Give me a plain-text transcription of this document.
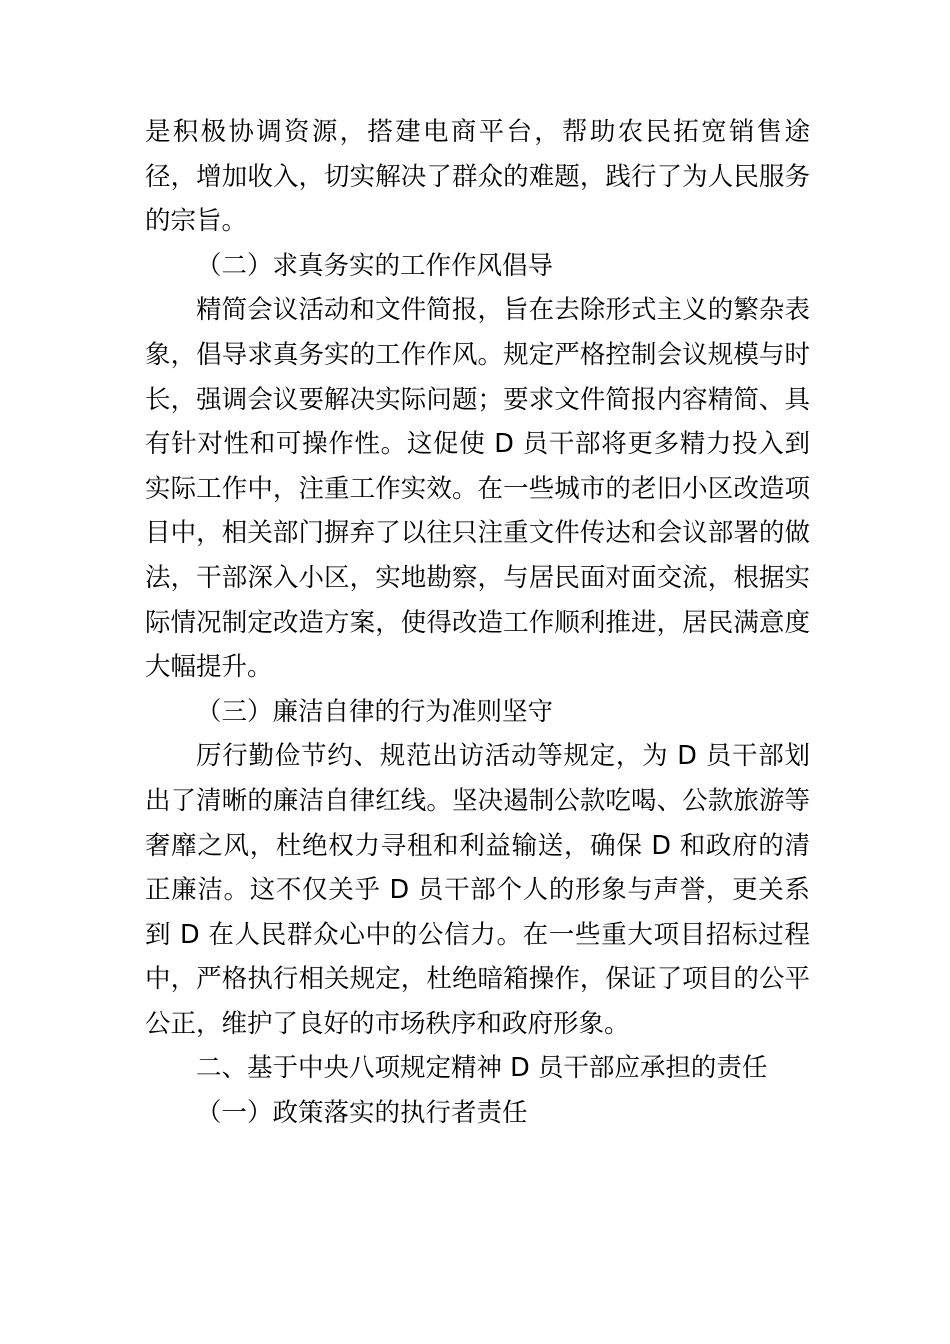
是积极协调资源，搭建电商平台，帮助农民拓宽销售途
径，增加收入，切实解决了群众的难题，践行了为人民服务
的宗旨。
（二）求真务实的工作作风倡导
精简会议活动和文件简报，旨在去除形式主义的繁杂表
象，倡导求真务实的工作作风。规定严格控制会议规模与时
长，强调会议要解决实际问题；要求文件简报内容精简、具
有针对性和可操作性。这促使 D 员干部将更多精力投入到
实际工作中，注重工作实效。在一些城市的老旧小区改造项
目中，相关部门摒弃了以往只注重文件传达和会议部署的做
法，干部深入小区，实地勘察，与居民面对面交流，根据实
际情况制定改造方案，使得改造工作顺利推进，居民满意度
大幅提升。
（三）廉洁自律的行为准则坚守
厉行勤俭节约、规范出访活动等规定，为 D 员干部划
出了清晰的廉洁自律红线。坚决遏制公款吃喝、公款旅游等
奢靡之风，杜绝权力寻租和利益输送，确保 D 和政府的清
正廉洁。这不仅关乎 D 员干部个人的形象与声誉，更关系
到 D 在人民群众心中的公信力。在一些重大项目招标过程
中，严格执行相关规定，杜绝暗箱操作，保证了项目的公平
公正，维护了良好的市场秩序和政府形象。
二、基于中央八项规定精神 D 员干部应承担的责任
（一）政策落实的执行者责任
